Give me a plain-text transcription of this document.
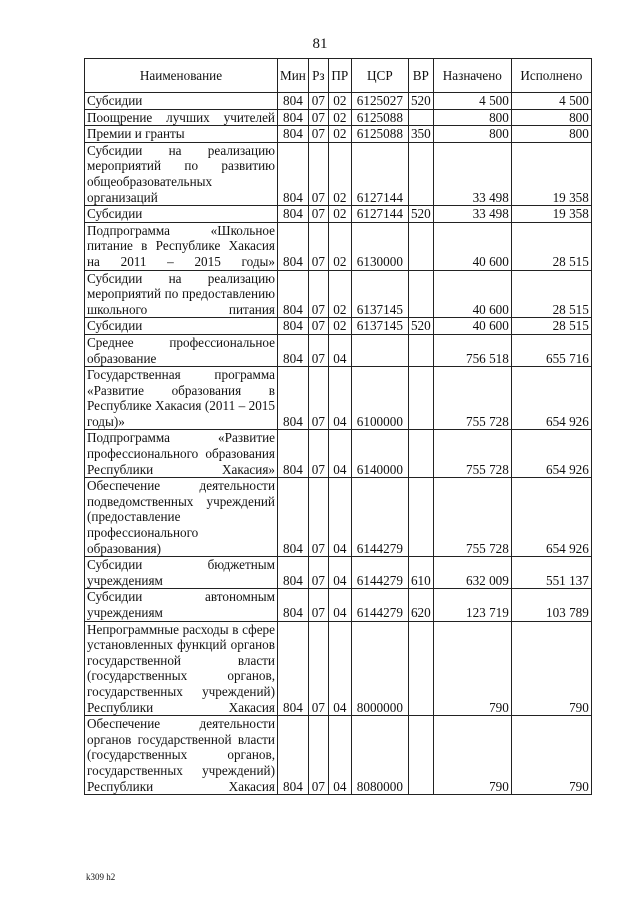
81
Наименование	Мин	Рз	ПР	ЦСР	ВР	Назначено	Исполнено
Субсидии	804	07	02	6125027	520	4 500	4 500
Поощрение лучших учителей	804	07	02	6125088		800	800
Премии и гранты	804	07	02	6125088	350	800	800
Субсидии на реализацию мероприятий по развитию общеобразовательных организаций	804	07	02	6127144		33 498	19 358
Субсидии	804	07	02	6127144	520	33 498	19 358
Подпрограмма «Школьное питание в Республике Хакасия на 2011 – 2015 годы»	804	07	02	6130000		40 600	28 515
Субсидии на реализацию мероприятий по предоставлению школьного питания	804	07	02	6137145		40 600	28 515
Субсидии	804	07	02	6137145	520	40 600	28 515
Среднее профессиональное образование	804	07	04			756 518	655 716
Государственная программа «Развитие образования в Республике Хакасия (2011 – 2015 годы)»	804	07	04	6100000		755 728	654 926
Подпрограмма «Развитие профессионального образования Республики Хакасия»	804	07	04	6140000		755 728	654 926
Обеспечение деятельности подведомственных учреждений (предоставление профессионального образования)	804	07	04	6144279		755 728	654 926
Субсидии бюджетным учреждениям	804	07	04	6144279	610	632 009	551 137
Субсидии автономным учреждениям	804	07	04	6144279	620	123 719	103 789
Непрограммные расходы в сфере установленных функций органов государственной власти (государственных органов, государственных учреждений) Республики Хакасия	804	07	04	8000000		790	790
Обеспечение деятельности органов государственной власти (государственных органов, государственных учреждений) Республики Хакасия	804	07	04	8080000		790	790
k309 h2
